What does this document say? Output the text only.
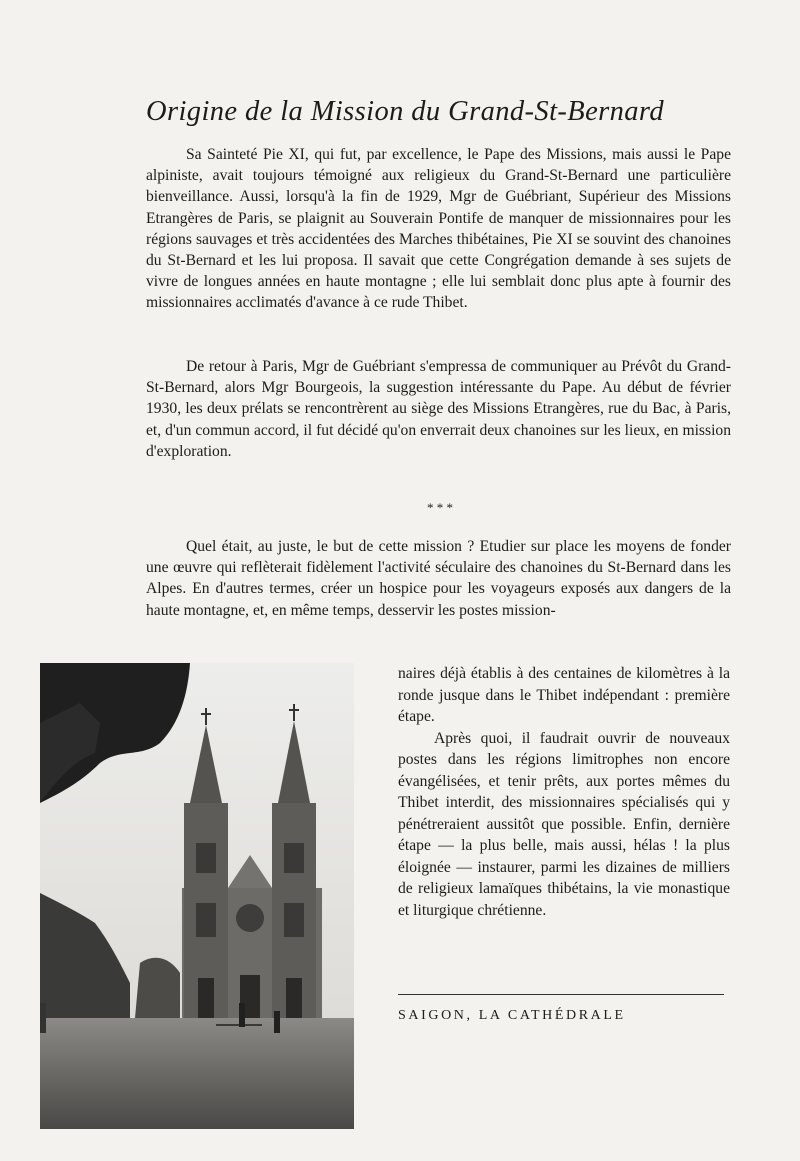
Origine de la Mission du Grand-St-Bernard

Sa Sainteté Pie XI, qui fut, par excellence, le Pape des Missions, mais aussi le Pape alpiniste, avait toujours témoigné aux religieux du Grand-St-Bernard une particulière bienveillance. Aussi, lorsqu'à la fin de 1929, Mgr de Guébriant, Supérieur des Missions Etrangères de Paris, se plaignit au Souverain Pontife de manquer de missionnaires pour les régions sauvages et très accidentées des Marches thibétaines, Pie XI se souvint des chanoines du St-Bernard et les lui proposa. Il savait que cette Congrégation demande à ses sujets de vivre de longues années en haute montagne ; elle lui semblait donc plus apte à fournir des missionnaires acclimatés d'avance à ce rude Thibet.

De retour à Paris, Mgr de Guébriant s'empressa de communiquer au Prévôt du Grand-St-Bernard, alors Mgr Bourgeois, la suggestion intéressante du Pape. Au début de février 1930, les deux prélats se rencontrèrent au siège des Missions Etrangères, rue du Bac, à Paris, et, d'un commun accord, il fut décidé qu'on enverrait deux chanoines sur les lieux, en mission d'exploration.

* * *

Quel était, au juste, le but de cette mission ? Etudier sur place les moyens de fonder une œuvre qui reflèterait fidèlement l'activité séculaire des chanoines du St-Bernard dans les Alpes. En d'autres termes, créer un hospice pour les voyageurs exposés aux dangers de la haute montagne, et, en même temps, desservir les postes mission-

naires déjà établis à des centaines de kilomètres à la ronde jusque dans le Thibet indépendant : première étape.
Après quoi, il faudrait ouvrir de nouveaux postes dans les régions limitrophes non encore évangélisées, et tenir prêts, aux portes mêmes du Thibet interdit, des missionnaires spécialisés qui y pénétreraient aussitôt que possible. Enfin, dernière étape — la plus belle, mais aussi, hélas ! la plus éloignée — instaurer, parmi les dizaines de milliers de religieux lamaïques thibétains, la vie monastique et liturgique chrétienne.
SAIGON, LA CATHÉDRALE
